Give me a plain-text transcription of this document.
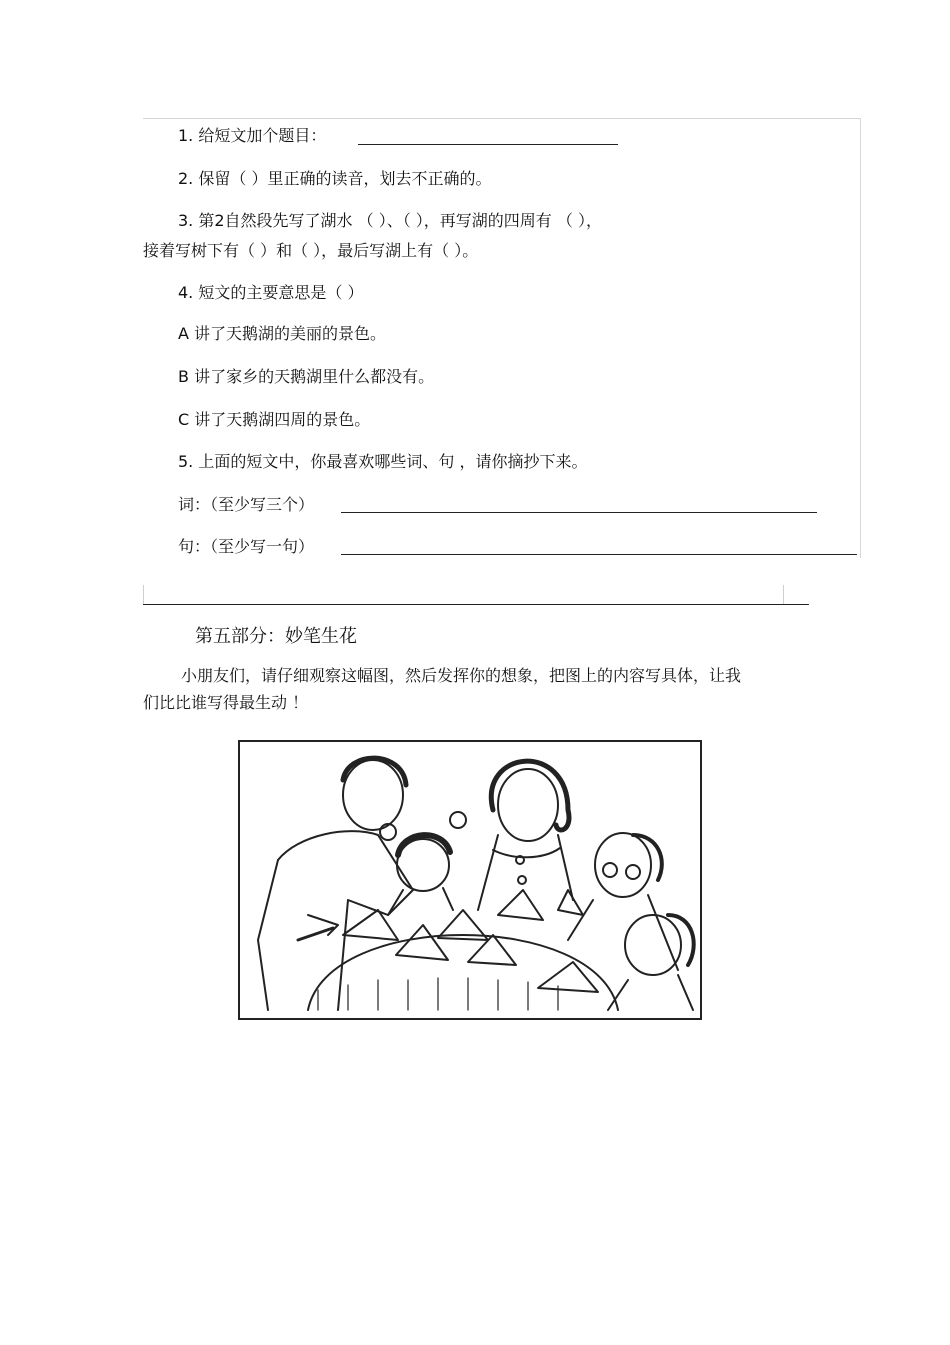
1. 给短文加个题目：
2. 保留（ ）里正确的读音，划去不正确的。
3. 第2自然段先写了湖水 （ ）、（ ），再写湖的四周有 （ ），
接着写树下有（ ）和（ ），最后写湖上有（ ）。
4. 短文的主要意思是（ ）
A 讲了天鹅湖的美丽的景色。
B 讲了家乡的天鹅湖里什么都没有。
C 讲了天鹅湖四周的景色。
5. 上面的短文中，你最喜欢哪些词、句 ，请你摘抄下来。
词：（至少写三个）
句：（至少写一句）
第五部分：妙笔生花
小朋友们，请仔细观察这幅图，然后发挥你的想象，把图上的内容写具体，让我
们比比谁写得最生动 ！
